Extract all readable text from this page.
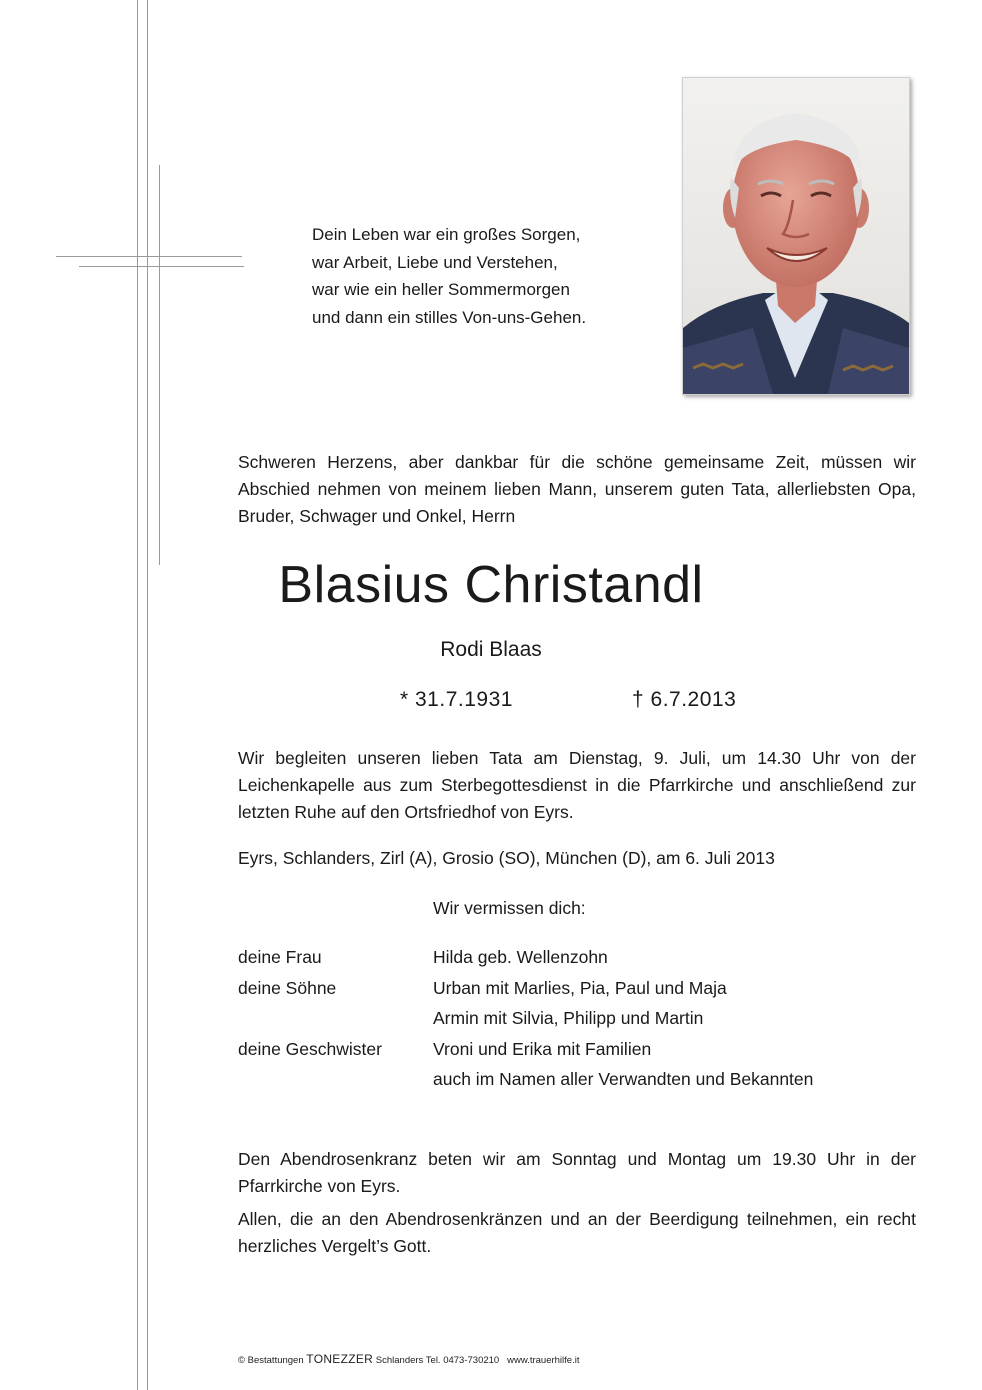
Dein Leben war ein großes Sorgen,
war Arbeit, Liebe und Verstehen,
war wie ein heller Sommermorgen
und dann ein stilles Von-uns-Gehen.
Schweren Herzens, aber dankbar für die schöne gemeinsame Zeit, müssen wir Abschied nehmen von meinem lieben Mann, unserem guten Tata, allerliebsten Opa, Bruder, Schwager und Onkel, Herrn
Blasius Christandl
Rodi Blaas
* 31.7.1931	† 6.7.2013
Wir begleiten unseren lieben Tata am Dienstag, 9. Juli, um 14.30 Uhr von der Leichenkapelle aus zum Sterbegottesdienst in die Pfarrkirche und anschließend zur letzten Ruhe auf den Ortsfriedhof von Eyrs.
Eyrs, Schlanders, Zirl (A), Grosio (SO), München (D), am 6. Juli 2013
Wir vermissen dich:
deine Frau	Hilda geb. Wellenzohn
deine Söhne	Urban mit Marlies, Pia, Paul und Maja
Armin mit Silvia, Philipp und Martin
deine Geschwister	Vroni und Erika mit Familien
auch im Namen aller Verwandten und Bekannten
Den Abendrosenkranz beten wir am Sonntag und Montag um 19.30 Uhr in der Pfarrkirche von Eyrs.
Allen, die an den Abendrosenkränzen und an der Beerdigung teilnehmen, ein recht herzliches Vergelt’s Gott.
© Bestattungen TONEZZER Schlanders Tel. 0473-730210 www.trauerhilfe.it
